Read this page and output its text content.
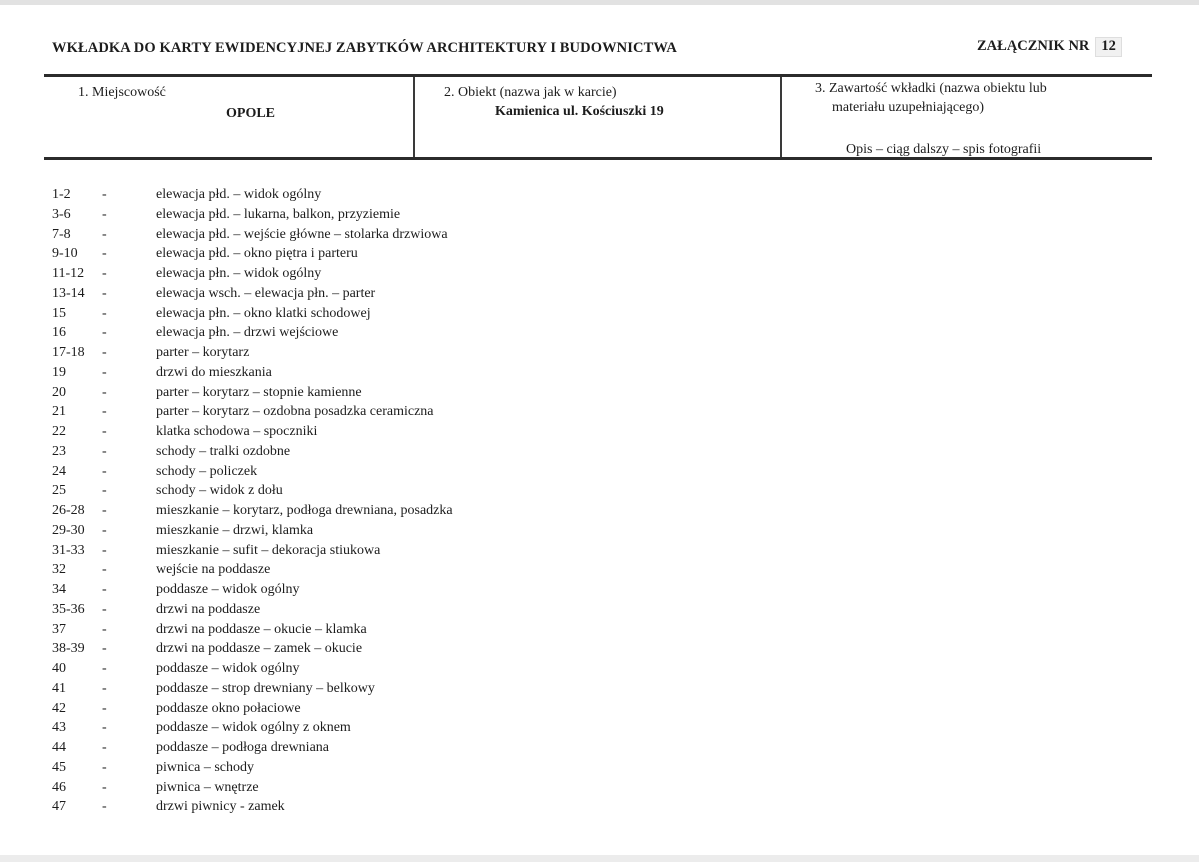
WKŁADKA DO KARTY EWIDENCYJNEJ ZABYTKÓW ARCHITEKTURY I BUDOWNICTWA	ZAŁĄCZNIK NR 12
1. Miejscowość
OPOLE
2. Obiekt (nazwa jak w karcie)
Kamienica ul. Kościuszki 19
3. Zawartość wkładki (nazwa obiektu lub
materiału uzupełniającego)
Opis – ciąg dalszy – spis fotografii
1-2	-	elewacja płd. – widok ogólny
3-6	-	elewacja płd. – lukarna, balkon, przyziemie
7-8	-	elewacja płd. – wejście główne – stolarka drzwiowa
9-10	-	elewacja płd. – okno piętra i parteru
11-12	-	elewacja płn. – widok ogólny
13-14	-	elewacja wsch. – elewacja płn. – parter
15	-	elewacja płn. – okno klatki schodowej
16	-	elewacja płn. – drzwi wejściowe
17-18	-	parter – korytarz
19	-	drzwi do mieszkania
20	-	parter – korytarz – stopnie kamienne
21	-	parter – korytarz – ozdobna posadzka ceramiczna
22	-	klatka schodowa – spoczniki
23	-	schody – tralki ozdobne
24	-	schody – policzek
25	-	schody – widok z dołu
26-28	-	mieszkanie – korytarz, podłoga drewniana, posadzka
29-30	-	mieszkanie – drzwi, klamka
31-33	-	mieszkanie – sufit – dekoracja stiukowa
32	-	wejście na poddasze
34	-	poddasze – widok ogólny
35-36	-	drzwi na poddasze
37	-	drzwi na poddasze – okucie – klamka
38-39	-	drzwi na poddasze – zamek – okucie
40	-	poddasze – widok ogólny
41	-	poddasze – strop drewniany – belkowy
42	-	poddasze okno połaciowe
43	-	poddasze – widok ogólny z oknem
44	-	poddasze – podłoga drewniana
45	-	piwnica – schody
46	-	piwnica – wnętrze
47	-	drzwi piwnicy - zamek
